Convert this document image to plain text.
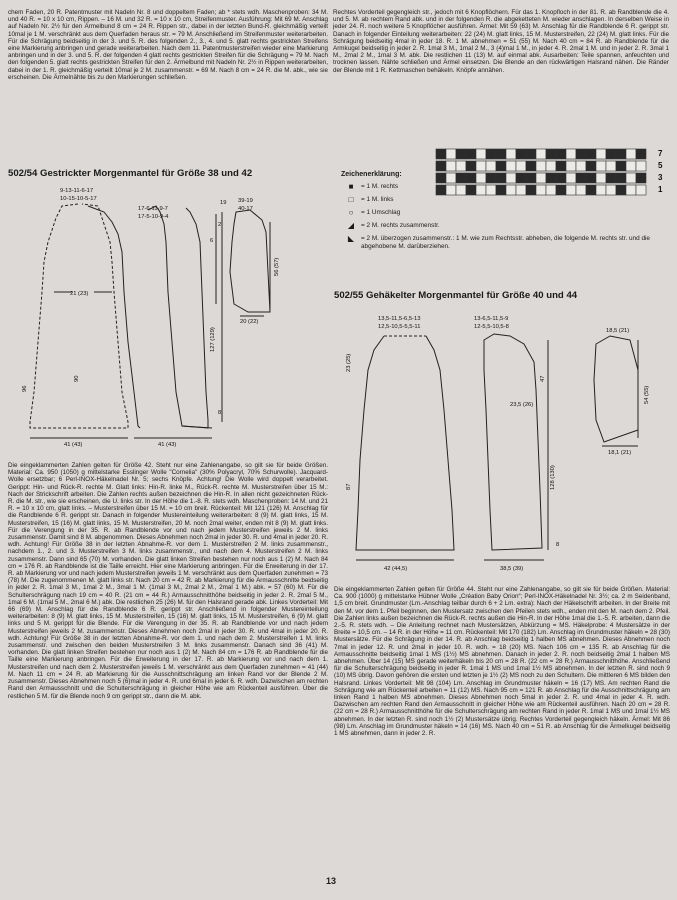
chem Faden, 20 R. Patentmuster mit Nadeln Nr. 8 und doppeltem Faden; ab * stets wdh. Maschenproben: 34 M. und 40 R. = 10 x 10 cm, Rippen. – 16 M. und 32 R. = 10 x 10 cm, Streifenmuster. Ausführung: Mit 69 M. Anschlag auf Nadeln Nr. 2½ für den Ärmelbund 8 cm = 24 R. Rippen str., dabei in der letzten Bund-R. gleichmäßig verteilt 10mal je 1 M. verschränkt aus dem Querfaden heraus str. = 79 M. Anschließend im Streifenmuster weiterarbeiten. Für die Schrägung beidseitig in der 3. und 5. R. des folgenden 2., 3., 4. und 5. glatt rechts gestrickten Streifens eine Markierung anbringen und gerade weiterarbeiten. Nach dem 11. Patentmusterstreifen wieder eine Markierung anbringen und in der 3. und 5. R. der folgenden 4 glatt rechts gestrickten Streifen für die Schrägung = 79 M. Nach den folgenden 5. glatt rechts gestrickten Streifen für den 2. Ärmelbund mit Nadeln Nr. 2½ in Rippen weiterarbeiten, dabei in der 1. R. gleichmäßig verteilt 10mal je 2 M. zusammenstr. = 69 M. Nach 8 cm = 24 R. die M. abk., wie sie erscheinen. Die Ärmelnähte bis zu den Markierungen schließen.

Rechtes Vorderteil gegengleich str., jedoch mit 6 Knopflöchern. Für das 1. Knopfloch in der 81. R. ab Randblende die 4. und 5. M. ab rechtem Rand abk. und in der folgenden R. die abgeketteten M. wieder anschlagen. In derselben Weise in jeder 24. R. noch weitere 5 Knopflöcher ausführen. Ärmel: Mit 59 (63) M. Anschlag für die Randblende 6 R. gerippt str. Danach in folgender Einteilung weiterarbeiten: 22 (24) M. glatt links, 15 M. Musterstreifen, 22 (24) M. glatt links. Für die Schrägung beidseitig 4mal in jeder 18. R. 1 M. abnehmen = 51 (55) M. Nach 40 cm = 84 R. ab Randblende für die Armkugel beidseitig in jeder 2. R. 1mal 3 M., 1mal 2 M., 3 (4)mal 1 M., in jeder 4. R. 2mal 1 M. und in jeder 2. R. 3mal 1 M., 2mal 2 M., 1mal 3 M. abk. Die restlichen 11 (13) M. auf einmal abk. Ausarbeiten: Teile spannen, anfeuchten und trocknen lassen. Nähte schließen und Ärmel einsetzen. Die Blende an den rückwärtigen Halsrand nähen. Die Ränder der Blende mit 1 R. Kettmaschen behäkeln. Knöpfe annähen.

7
5
3
1
Zeichenerklärung:
■	= 1 M. rechts
□	= 1 M. links
○	= 1 Umschlag
◢	= 2 M. rechts zusammenstr.
◣	= 2 M. überzogen zusammenstr.: 1 M. wie zum Rechtsstr. abheben, die folgende M. rechts str. und die abgehobene M. darüberziehen.
502/54 Gestrickter Morgenmantel für Größe 38 und 42
502/55 Gehäkelter Morgenmantel für Größe 40 und 44
9-13-11-6-17
10-15-10-5-17
17-6-11-9-7
17-5-10-9-4
39-19
40-17
21 (23)
6
127 (129)
96
90
20 (22)
56 (57)
41 (43)	41 (43)
19
2
8
13,5-11,5-6,5-13
12,5-10,5-5,5-11
13-6,5-11,5-9
12-5,5-10,5-8
18,5 (21)
23 (25)
23,5 (26)
54 (55)
18,1 (21)
87	128 (130)
42 (44,5)	38,5 (39)
47
8

Die eingeklammerten Zahlen gelten für Größe 42. Steht nur eine Zahlenangabe, so gilt sie für beide Größen. Material: Ca. 950 (1050) g mittelstarke Esslinger Wolle "Cornelia" (30% Polyacryl, 70% Schurwolle). Jacquard-Wolle ersetzbar; 6 Perl-INOX-Häkelnadel Nr. 5; sechs Knöpfe. Achtung! Die Wolle wird doppelt verarbeitet. Gerippt: Hin- und Rück-R. rechte M. Glatt links: Hin-R. linke M., Rück-R. rechte M. Musterstreifen über 15 M.: Nach der Strickschrift arbeiten. Die Zahlen rechts außen bezeichnen die Hin-R. In allen nicht gezeichneten Rück-R. die M. str., wie sie erscheinen, die U. links str. In der Höhe die 1.-8. R. stets wdh. Maschenproben: 14 M. und 21 R. = 10 x 10 cm, glatt links. – Musterstreifen über 15 M. = 10 cm breit. Rückenteil: Mit 121 (126) M. Anschlag für die Randblende 6 R. gerippt str. Danach in folgender Mustereinteilung weiterarbeiten: 8 (9) M. glatt links, 15 M. Musterstreifen, 15 (16) M. glatt links, 15 M. Musterstreifen, 20 M. noch 2mal weiter, enden mit 8 (9) M. glatt links. Für die Verengung in der 35. R. ab Randblende vor und nach jedem Musterstreifen jeweils 2 M. links zusammenstr. Damit sind 8 M. abgenommen. Dieses Abnehmen noch 2mal in jeder 30. R. und 4mal in jeder 20. R. wdh. Achtung! Für Größe 38 in der letzten Abnahme-R. vor dem 1. Musterstreifen 2 M. links zusammenstr., nachdem 1., 2. und 3. Musterstreifen 3 M. links zusammenstr., und nach dem 4. Musterstreifen 2 M. links zusammenstr. Dann sind 65 (70) M. vorhanden. Die glatt linken Streifen bestehen nur noch aus 1 (2) M. Nach 84 cm = 176 R. ab Randblende ist die Taille erreicht. Hier eine Markierung anbringen. Für die Erweiterung in der 17. R. ab Markierung vor und nach jedem Musterstreifen jeweils 1 M. verschränkt aus dem Querfaden zunehmen = 73 (78) M. Die zugenommenen M. glatt links str. Nach 20 cm = 42 R. ab Markierung für die Armausschnitte beidseitig in jeder 2. R. 1mal 3 M., 1mal 2 M., 3mal 1 M. (1mal 3 M., 2mal 2 M., 2mal 1 M.) abk. = 57 (60) M. Für die Schulterschrägung nach 19 cm = 40 R. (21 cm = 44 R.) Armausschnitthöhe beidseitig in jeder 2. R. 2mal 5 M., 1mal 6 M. (1mal 5 M., 2mal 6 M.) abk. Die restlichen 25 (26) M. für den Halsrand gerade abk. Linkes Vorderteil: Mit 66 (69) M. Anschlag für die Randblende 6 R. gerippt str. Anschließend in folgender Mustereinteilung weiterarbeiten: 8 (9) M. glatt links, 15 M. Musterstreifen, 15 (16) M. glatt links, 15 M. Musterstreifen, 6 (9) M. glatt links und 5 M. gerippt für die Blende. Für die Verengung in der 35. R. ab Randblende vor und nach jedem Musterstreifen jeweils 2 M. zusammenstr. Dieses Abnehmen noch 2mal in jeder 30. R. und 4mal in jeder 20. R. wdh. Achtung! Für Größe 38 in der letzten Abnahme-R. vor dem 1. und nach dem 2. Musterstreifen 1 M. links zusammenstr. und zwischen den beiden Musterstreifen 3 M. links zusammenstr. Danach sind 36 (41) M. vorhanden. Die glatt linken Streifen bestehen nur noch aus 1 (2) M. Nach 84 cm = 176 R. ab Randblende für die Taille eine Markierung anbringen. Für die Erweiterung in der 17. R. ab Markierung vor und nach dem 1. Musterstreifen und nach dem 2. Musterstreifen jeweils 1 M. verschränkt aus dem Querfaden zunehmen = 41 (44) M. Nach 11 cm = 24 R. ab Markierung für die Ausschnittschrägung am linken Rand vor der Blende 2 M. zusammenstr. Dieses Abnehmen noch 5 (6)mal in jeder 4. R. und 6mal in jeder 6. R. wdh. Dazwischen am rechten Rand den Armausschnitt und die Schulterschrägung in gleicher Höhe wie am Rückenteil ausführen. Über die restlichen 5 M. für die Blende noch 9 cm gerippt str., dann die M. abk.

Die eingeklammerten Zahlen gelten für Größe 44. Steht nur eine Zahlenangabe, so gilt sie für beide Größen. Material: Ca. 900 (1000) g mittelstarke Hübner Wolle „Création Baby Orion“; Perl-INOX-Häkelnadel Nr. 3½; ca. 2 m Seidenband, 1,5 cm breit. Grundmuster (Lm.-Anschlag teilbar durch 6 + 2 Lm. extra): Nach der Häkelschrift arbeiten. In der Breite mit den M. vor dem 1. Pfeil beginnen, den Mustersatz zwischen den Pfeilen stets wdh., enden mit den M. nach dem 2. Pfeil. Die Zahlen links außen bezeichnen die Rück-R. rechts außen die Hin-R. In der Höhe 1mal die 1.-5. R. arbeiten, dann die 2.-5. R. stets wdh. – Die Anleitung rechnet nach Mustersätzen, Abkürzung = MS. Häkelprobe: 4 Mustersätze in der Breite = 10,5 cm. – 14 R. in der Höhe = 11 cm. Rückenteil: Mit 170 (182) Lm. Anschlag im Grundmuster häkeln = 28 (30) Mustersätze. Für die Schrägung in der 14. R. ab Anschlag beidseitig 1 halben MS abnehmen. Dieses Abnehmen noch 7mal in jeder 12. R. und 2mal in jeder 10. R. wdh. = 18 (20) MS. Nach 106 cm = 135 R. ab Anschlag für die Armausschnitte beidseitig 1mal 1 MS (1½) MS abnehmen. Danach in jeder 2. R. noch beidseitig 2mal 1 halben MS abnehmen. Über 14 (15) MS gerade weiterhäkeln bis 20 cm = 28 R. (22 cm = 28 R.) Armausschnitthöhe. Anschließend für die Schulterschrägung beidseitig in jeder R. 1mal 1 MS und 1mal 1½ MS abnehmen. In der letzten R. sind noch 9 (10) MS übrig. Davon gehören die ersten und letzten je 1½ (2) MS noch zu den Schultern. Die mittleren 6 MS bilden den Halsrand. Linkes Vorderteil: Mit 98 (104) Lm. Anschlag im Grundmuster häkeln = 16 (17) MS. Am rechten Rand die Schrägung wie am Rückenteil arbeiten = 11 (12) MS. Nach 95 cm = 121 R. ab Anschlag für die Ausschnittschrägung am linken Rand 1 halben MS abnehmen. Dieses Abnehmen noch 5mal in jeder 2. R. und 4mal in jeder 4. R. wdh. Dazwischen am rechten Rand den Armausschnitt in gleicher Höhe wie am Rückenteil ausführen. Nach 20 cm = 28 R. (22 cm = 28 R.) Armausschnitthöhe für die Schulterschrägung am rechten Rand in jeder R. 1mal 1 MS und 1mal 1½ MS abnehmen. In der letzten R. sind noch 1½ (2) Mustersätze übrig. Rechtes Vorderteil gegengleich häkeln. Ärmel: Mit 86 (98) Lm. Anschlag im Grundmuster häkeln = 14 (16) MS. Nach 40 cm = 51 R. ab Anschlag für die Ärmelkugel beidseitig 1 MS abnehmen, dann in jeder 2. R.

13
